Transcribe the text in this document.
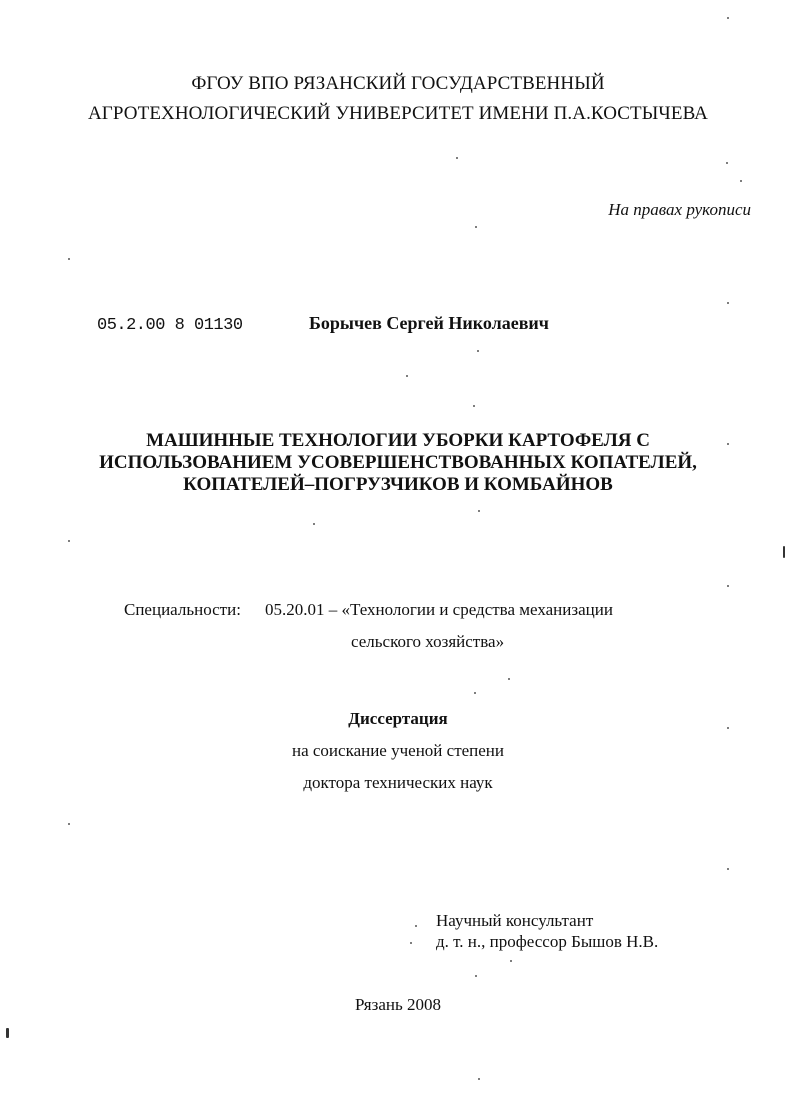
ФГОУ ВПО РЯЗАНСКИЙ ГОСУДАРСТВЕННЫЙ
АГРОТЕХНОЛОГИЧЕСКИЙ УНИВЕРСИТЕТ ИМЕНИ П.А.КОСТЫЧЕВА
На правах рукописи
05.2.00 8 01130	Борычев Сергей Николаевич
МАШИННЫЕ ТЕХНОЛОГИИ УБОРКИ КАРТОФЕЛЯ С
ИСПОЛЬЗОВАНИЕМ УСОВЕРШЕНСТВОВАННЫХ КОПАТЕЛЕЙ,
КОПАТЕЛЕЙ–ПОГРУЗЧИКОВ И КОМБАЙНОВ
Специальности: 05.20.01 – «Технологии и средства механизации
сельского хозяйства»
Диссертация
на соискание ученой степени
доктора технических наук
Научный консультант
д. т. н., профессор Бышов Н.В.
Рязань 2008
